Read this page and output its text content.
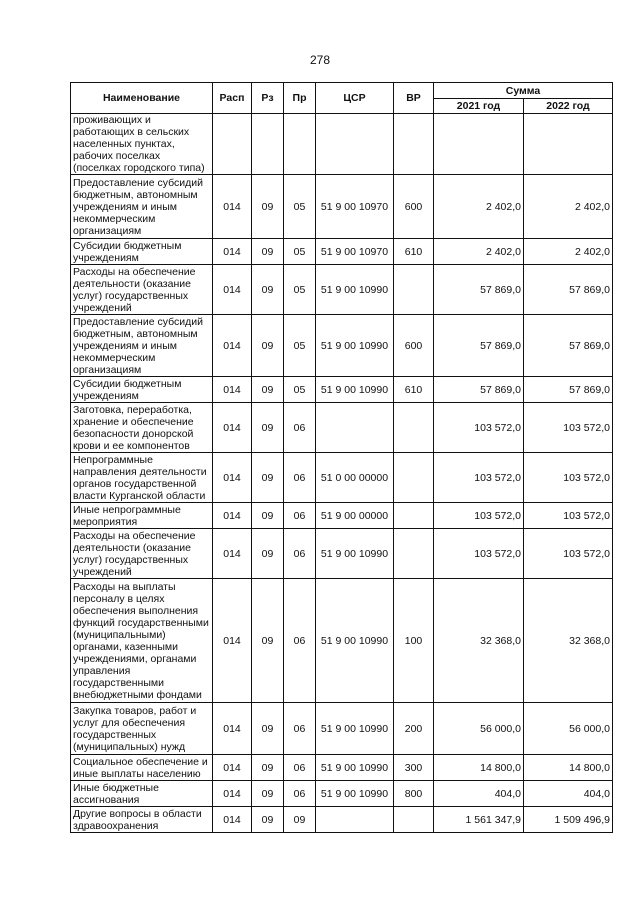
278
Наименование	Расп	Рз	Пр	ЦСР	ВР	Сумма	
						2021 год	2022 год
проживающих и работающих в сельских населенных пунктах, рабочих поселках (поселках городского типа)							
Предоставление субсидий бюджетным, автономным учреждениям и иным некоммерческим организациям	014	09	05	51 9 00 10970	600	2 402,0	2 402,0
Субсидии бюджетным учреждениям	014	09	05	51 9 00 10970	610	2 402,0	2 402,0
Расходы на обеспечение деятельности (оказание услуг) государственных учреждений	014	09	05	51 9 00 10990		57 869,0	57 869,0
Предоставление субсидий бюджетным, автономным учреждениям и иным некоммерческим организациям	014	09	05	51 9 00 10990	600	57 869,0	57 869,0
Субсидии бюджетным учреждениям	014	09	05	51 9 00 10990	610	57 869,0	57 869,0
Заготовка, переработка, хранение и обеспечение безопасности донорской крови и ее компонентов	014	09	06			103 572,0	103 572,0
Непрограммные направления деятельности органов государственной власти Курганской области	014	09	06	51 0 00 00000		103 572,0	103 572,0
Иные непрограммные мероприятия	014	09	06	51 9 00 00000		103 572,0	103 572,0
Расходы на обеспечение деятельности (оказание услуг) государственных учреждений	014	09	06	51 9 00 10990		103 572,0	103 572,0
Расходы на выплаты персоналу в целях обеспечения выполнения функций государственными (муниципальными) органами, казенными учреждениями, органами управления государственными внебюджетными фондами	014	09	06	51 9 00 10990	100	32 368,0	32 368,0
Закупка товаров, работ и услуг для обеспечения государственных (муниципальных) нужд	014	09	06	51 9 00 10990	200	56 000,0	56 000,0
Социальное обеспечение и иные выплаты населению	014	09	06	51 9 00 10990	300	14 800,0	14 800,0
Иные бюджетные ассигнования	014	09	06	51 9 00 10990	800	404,0	404,0
Другие вопросы в области здравоохранения	014	09	09			1 561 347,9	1 509 496,9
